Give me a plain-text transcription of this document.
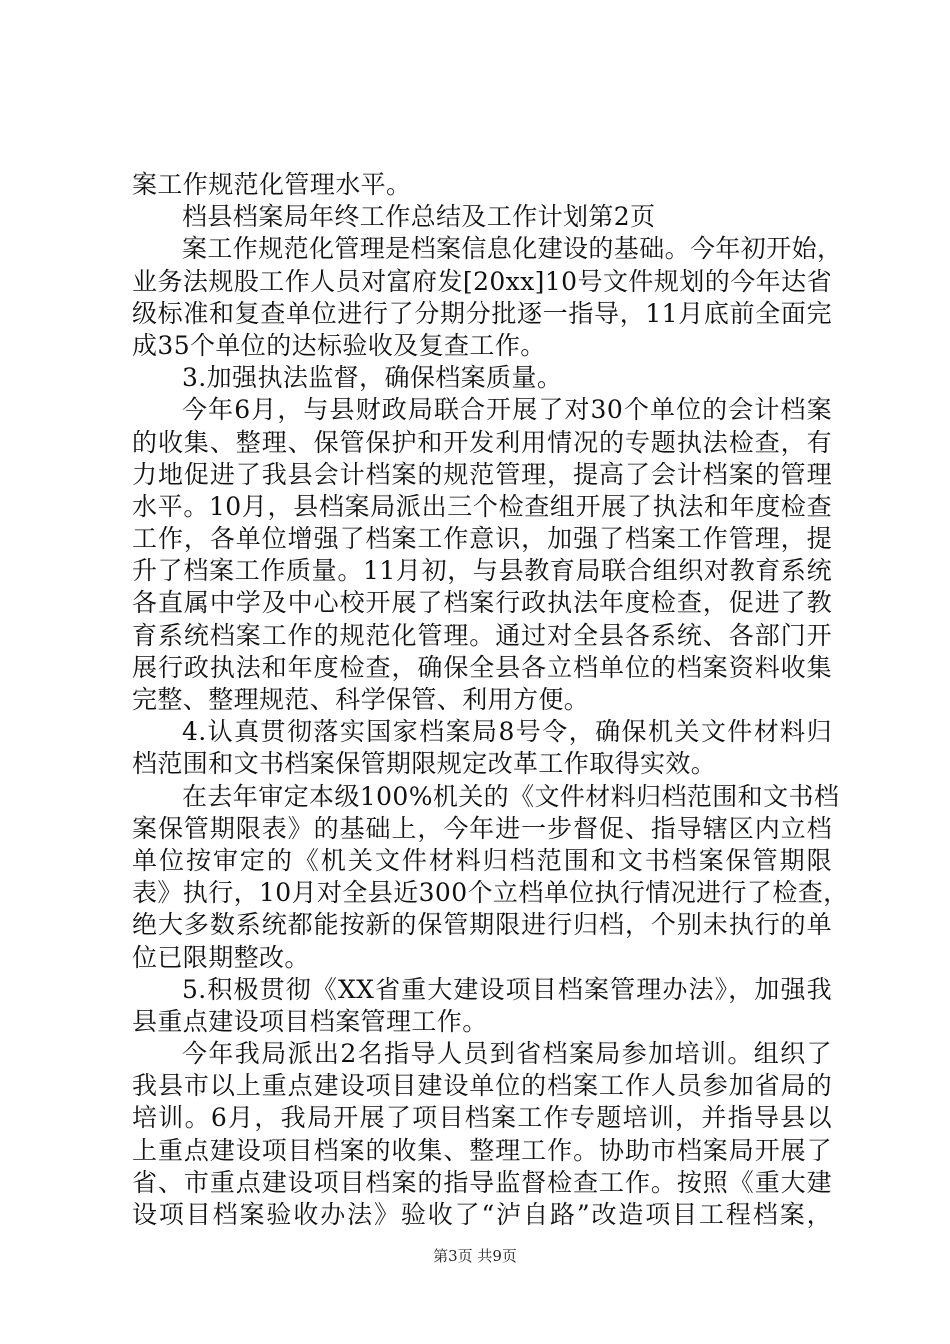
案工作规范化管理水平。
档县档案局年终工作总结及工作计划第2页
案工作规范化管理是档案信息化建设的基础。今年初开始，
业务法规股工作人员对富府发[20xx]10号文件规划的今年达省
级标准和复查单位进行了分期分批逐一指导，11月底前全面完
成35个单位的达标验收及复查工作。
3.加强执法监督，确保档案质量。
今年6月，与县财政局联合开展了对30个单位的会计档案
的收集、整理、保管保护和开发利用情况的专题执法检查，有
力地促进了我县会计档案的规范管理，提高了会计档案的管理
水平。10月，县档案局派出三个检查组开展了执法和年度检查
工作，各单位增强了档案工作意识，加强了档案工作管理，提
升了档案工作质量。11月初，与县教育局联合组织对教育系统
各直属中学及中心校开展了档案行政执法年度检查，促进了教
育系统档案工作的规范化管理。通过对全县各系统、各部门开
展行政执法和年度检查，确保全县各立档单位的档案资料收集
完整、整理规范、科学保管、利用方便。
4.认真贯彻落实国家档案局8号令，确保机关文件材料归
档范围和文书档案保管期限规定改革工作取得实效。
在去年审定本级100%机关的《文件材料归档范围和文书档
案保管期限表》的基础上，今年进一步督促、指导辖区内立档
单位按审定的《机关文件材料归档范围和文书档案保管期限
表》执行，10月对全县近300个立档单位执行情况进行了检查，
绝大多数系统都能按新的保管期限进行归档，个别未执行的单
位已限期整改。
5.积极贯彻《XX省重大建设项目档案管理办法》，加强我
县重点建设项目档案管理工作。
今年我局派出2名指导人员到省档案局参加培训。组织了
我县市以上重点建设项目建设单位的档案工作人员参加省局的
培训。6月，我局开展了项目档案工作专题培训，并指导县以
上重点建设项目档案的收集、整理工作。协助市档案局开展了
省、市重点建设项目档案的指导监督检查工作。按照《重大建
设项目档案验收办法》验收了“泸自路”改造项目工程档案，
第3页 共9页
